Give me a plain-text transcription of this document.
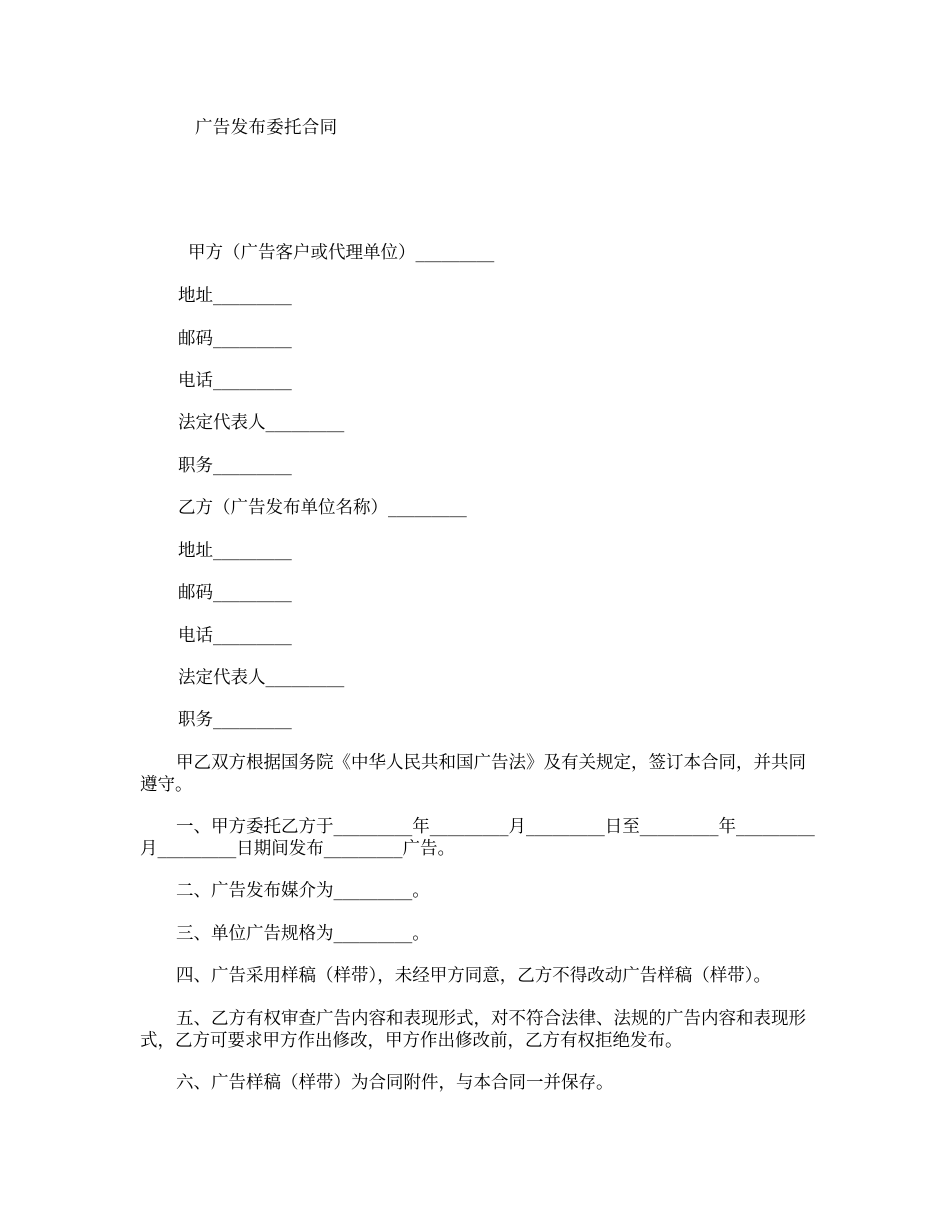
广告发布委托合同
甲方（广告客户或代理单位）_________
地址_________
邮码_________
电话_________
法定代表人_________
职务_________
乙方（广告发布单位名称）_________
地址_________
邮码_________
电话_________
法定代表人_________
职务_________
甲乙双方根据国务院《中华人民共和国广告法》及有关规定，签订本合同，并共同遵守。
一、甲方委托乙方于_________年_________月_________日至_________年_________月_________日期间发布_________广告。
二、广告发布媒介为_________。
三、单位广告规格为_________。
四、广告采用样稿（样带），未经甲方同意，乙方不得改动广告样稿（样带）。
五、乙方有权审查广告内容和表现形式，对不符合法律、法规的广告内容和表现形式，乙方可要求甲方作出修改，甲方作出修改前，乙方有权拒绝发布。
六、广告样稿（样带）为合同附件，与本合同一并保存。
